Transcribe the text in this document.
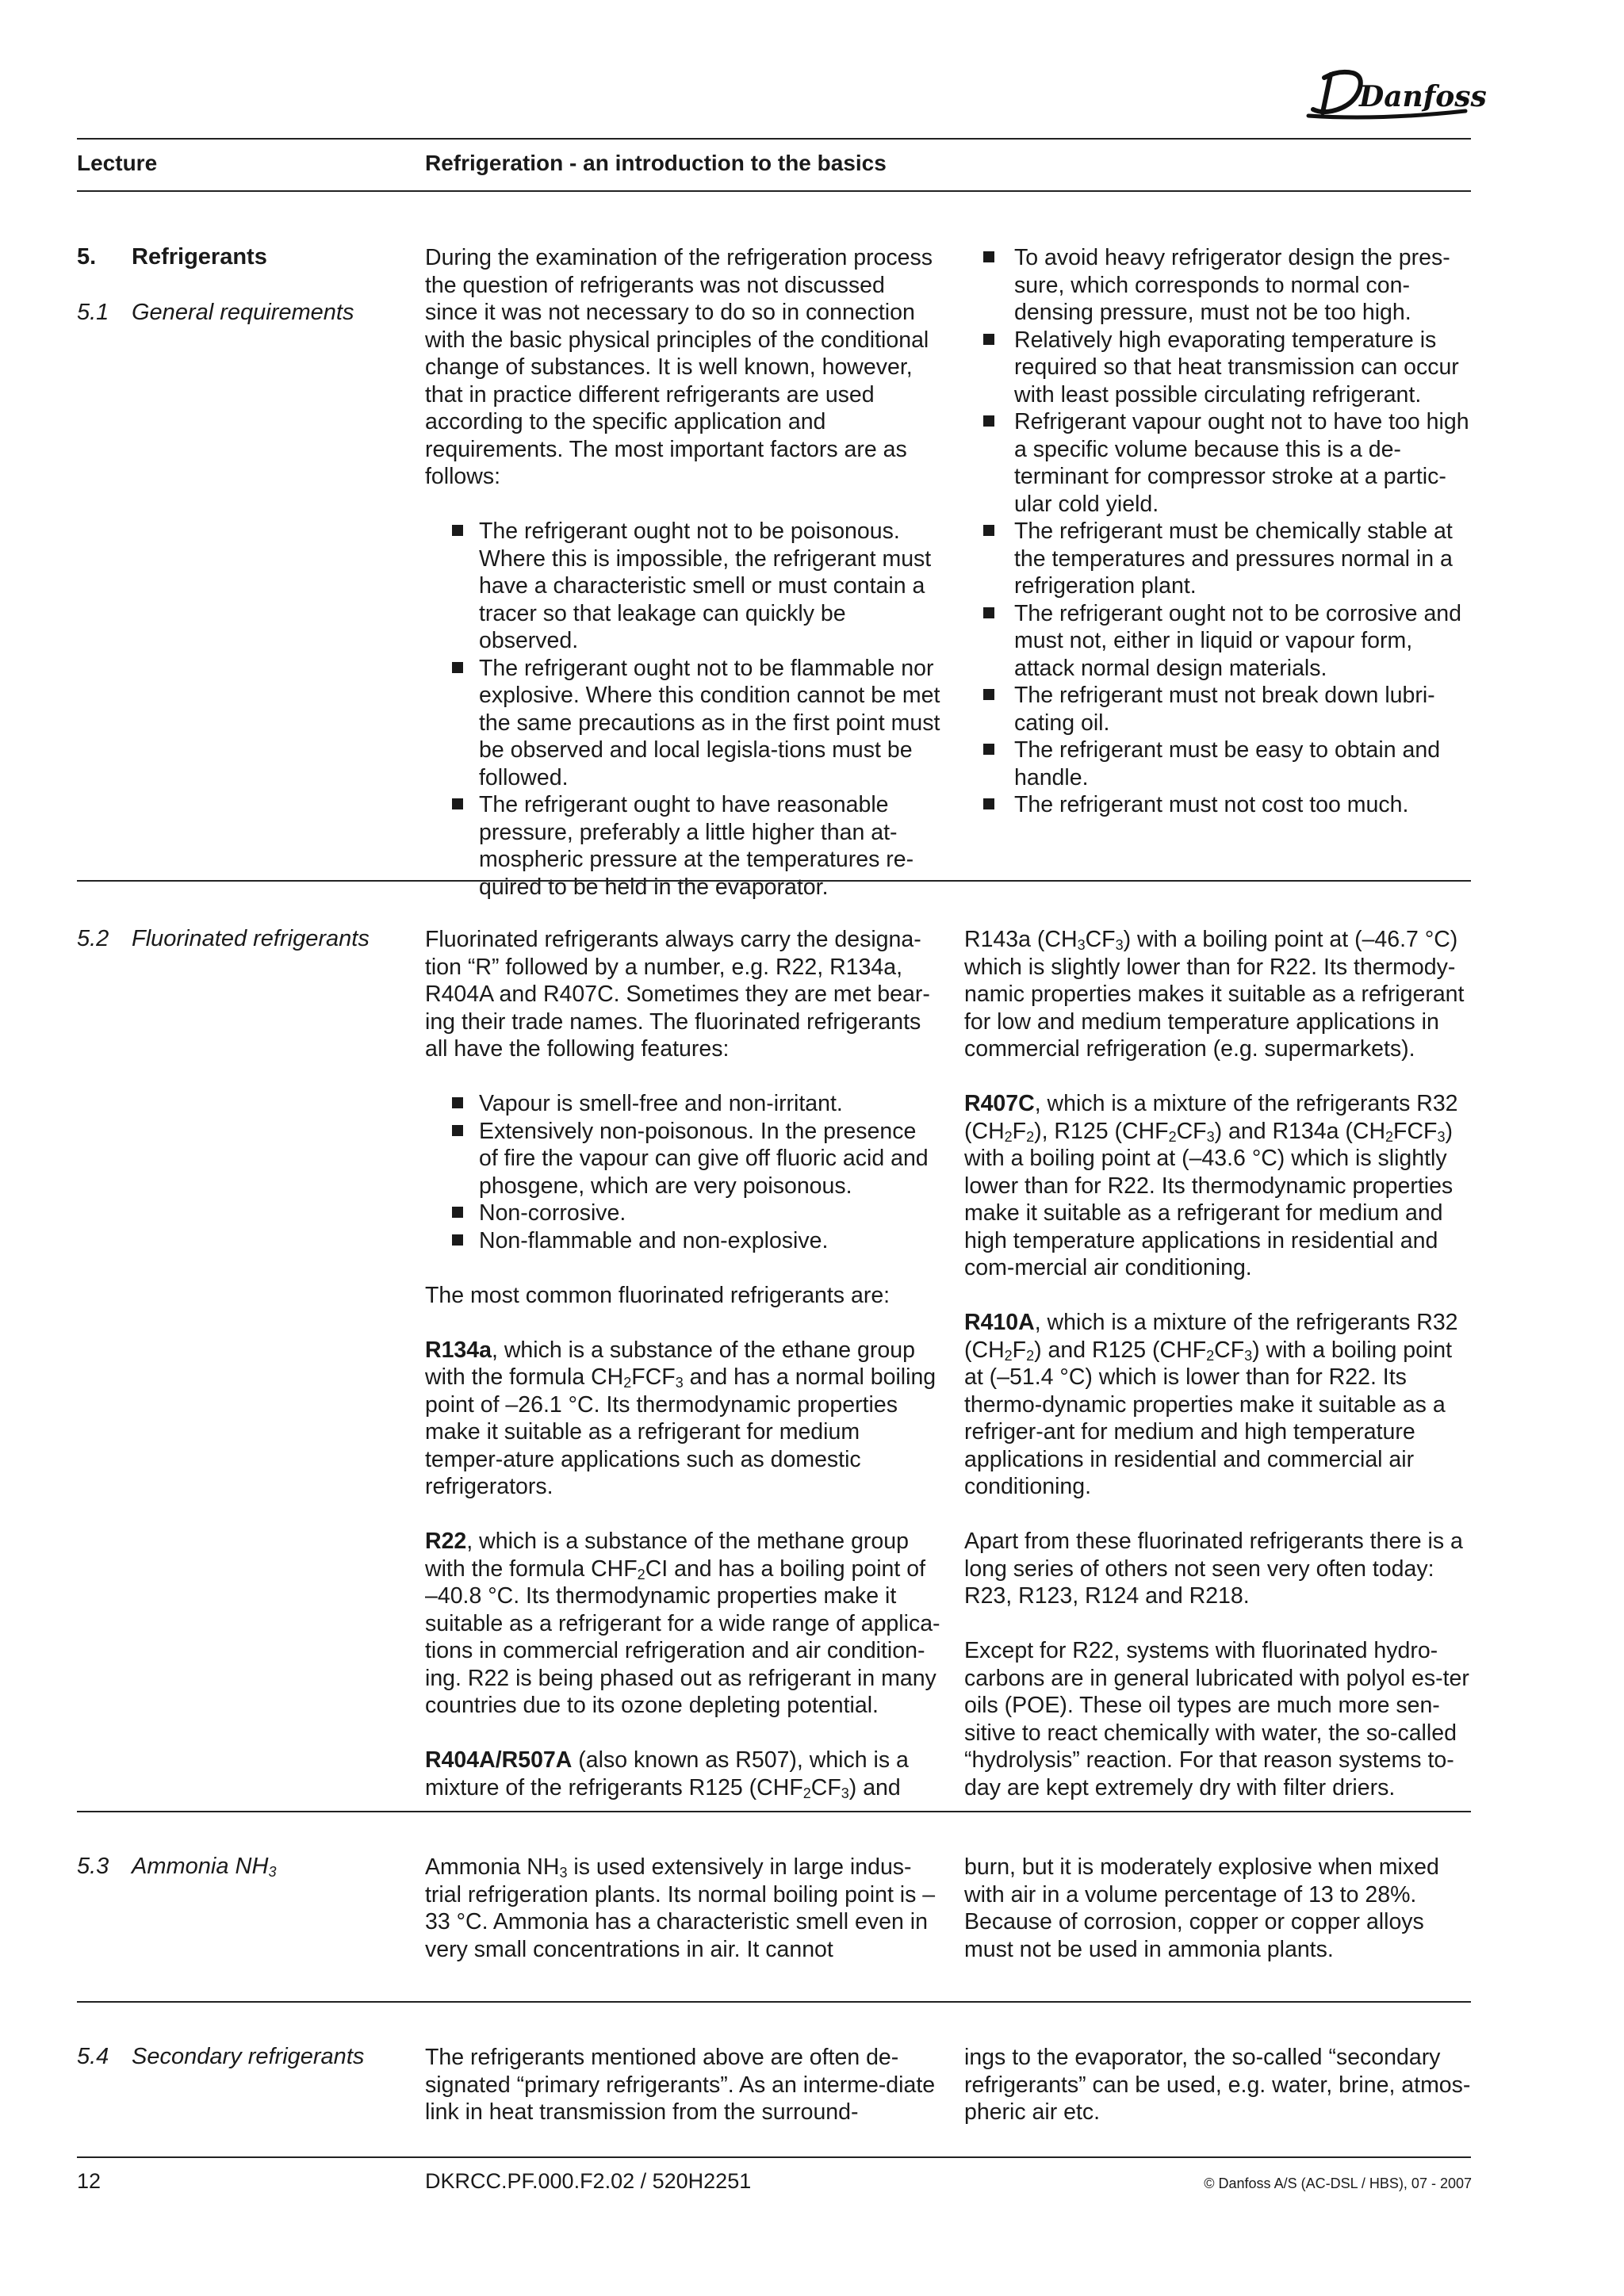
Danfoss
Lecture	Refrigeration - an introduction to the basics
5. Refrigerants
5.1 General requirements

During the examination of the refrigeration process the question of refrigerants was not discussed since it was not necessary to do so in connection with the basic physical principles of the conditional change of substances. It is well known, however, that in practice different refrigerants are used according to the specific application and requirements. The most important factors are as follows:

The refrigerant ought not to be poisonous. Where this is impossible, the refrigerant must have a characteristic smell or must contain a tracer so that leakage can quickly be observed.
The refrigerant ought not to be flammable nor explosive. Where this condition cannot be met the same precautions as in the first point must be observed and local legisla-tions must be followed.
The refrigerant ought to have reasonable pressure, preferably a little higher than at-mospheric pressure at the temperatures re-quired to be held in the evaporator.
To avoid heavy refrigerator design the pres-sure, which corresponds to normal con-densing pressure, must not be too high.
Relatively high evaporating temperature is required so that heat transmission can occur with least possible circulating refrigerant.
Refrigerant vapour ought not to have too high a specific volume because this is a de-terminant for compressor stroke at a partic-ular cold yield.
The refrigerant must be chemically stable at the temperatures and pressures normal in a refrigeration plant.
The refrigerant ought not to be corrosive and must not, either in liquid or vapour form, attack normal design materials.
The refrigerant must not break down lubri-cating oil.
The refrigerant must be easy to obtain and handle.
The refrigerant must not cost too much.
5.2 Fluorinated refrigerants Fluorinated refrigerants always carry the designa-tion “R” followed by a number, e.g. R22, R134a, R404A and R407C. Sometimes they are met bear-ing their trade names. The fluorinated refrigerants all have the following features:

Vapour is smell-free and non-irritant.
Extensively non-poisonous. In the presence of fire the vapour can give off fluoric acid and phosgene, which are very poisonous.
Non-corrosive.
Non-flammable and non-explosive.

The most common fluorinated refrigerants are:

R134a, which is a substance of the ethane group with the formula $CH_2FCF_3$ and has a normal boiling point of –26.1 °C. Its thermodynamic properties make it suitable as a refrigerant for medium temper-ature applications such as domestic refrigerators.

R22, which is a substance of the methane group with the formula $CHF_2CI$ and has a boiling point of –40.8 °C. Its thermodynamic properties make it suitable as a refrigerant for a wide range of applica-tions in commercial refrigeration and air condition-ing. R22 is being phased out as refrigerant in many countries due to its ozone depleting potential.

R404A/R507A (also known as R507), which is a mixture of the refrigerants R125 $(CHF_2CF_3)$ and

R143a $(CH_3CF_3)$ with a boiling point at (–46.7 °C) which is slightly lower than for R22. Its thermody-namic properties makes it suitable as a refrigerant for low and medium temperature applications in commercial refrigeration (e.g. supermarkets).

R407C, which is a mixture of the refrigerants R32 $(CH_2F_2)$, R125 $(CHF_2CF_3)$ and R134a $(CH_2FCF_3)$ with a boiling point at (–43.6 °C) which is slightly lower than for R22. Its thermodynamic properties make it suitable as a refrigerant for medium and high temperature applications in residential and com-mercial air conditioning.

R410A, which is a mixture of the refrigerants R32 $(CH_2F_2)$ and R125 $(CHF_2CF_3)$ with a boiling point at (–51.4 °C) which is lower than for R22. Its thermo-dynamic properties make it suitable as a refriger-ant for medium and high temperature applications in residential and commercial air conditioning.

Apart from these fluorinated refrigerants there is a long series of others not seen very often today: R23, R123, R124 and R218.

Except for R22, systems with fluorinated hydro-carbons are in general lubricated with polyol es-ter oils (POE). These oil types are much more sen-sitive to react chemically with water, the so-called “hydrolysis” reaction. For that reason systems to-day are kept extremely dry with filter driers.

5.3 Ammonia $NH_3$	Ammonia $NH_3$ is used extensively in large indus-trial refrigeration plants. Its normal boiling point is –33 °C. Ammonia has a characteristic smell even in very small concentrations in air. It cannot

burn, but it is moderately explosive when mixed with air in a volume percentage of 13 to 28%. Because of corrosion, copper or copper alloys must not be used in ammonia plants.

5.4 Secondary refrigerants	The refrigerants mentioned above are often de-signated “primary refrigerants”. As an interme-diate link in heat transmission from the surround-

ings to the evaporator, the so-called “secondary refrigerants” can be used, e.g. water, brine, atmos-pheric air etc.

12	DKRCC.PF.000.F2.02 / 520H2251	© Danfoss A/S (AC-DSL / HBS), 07 - 2007
